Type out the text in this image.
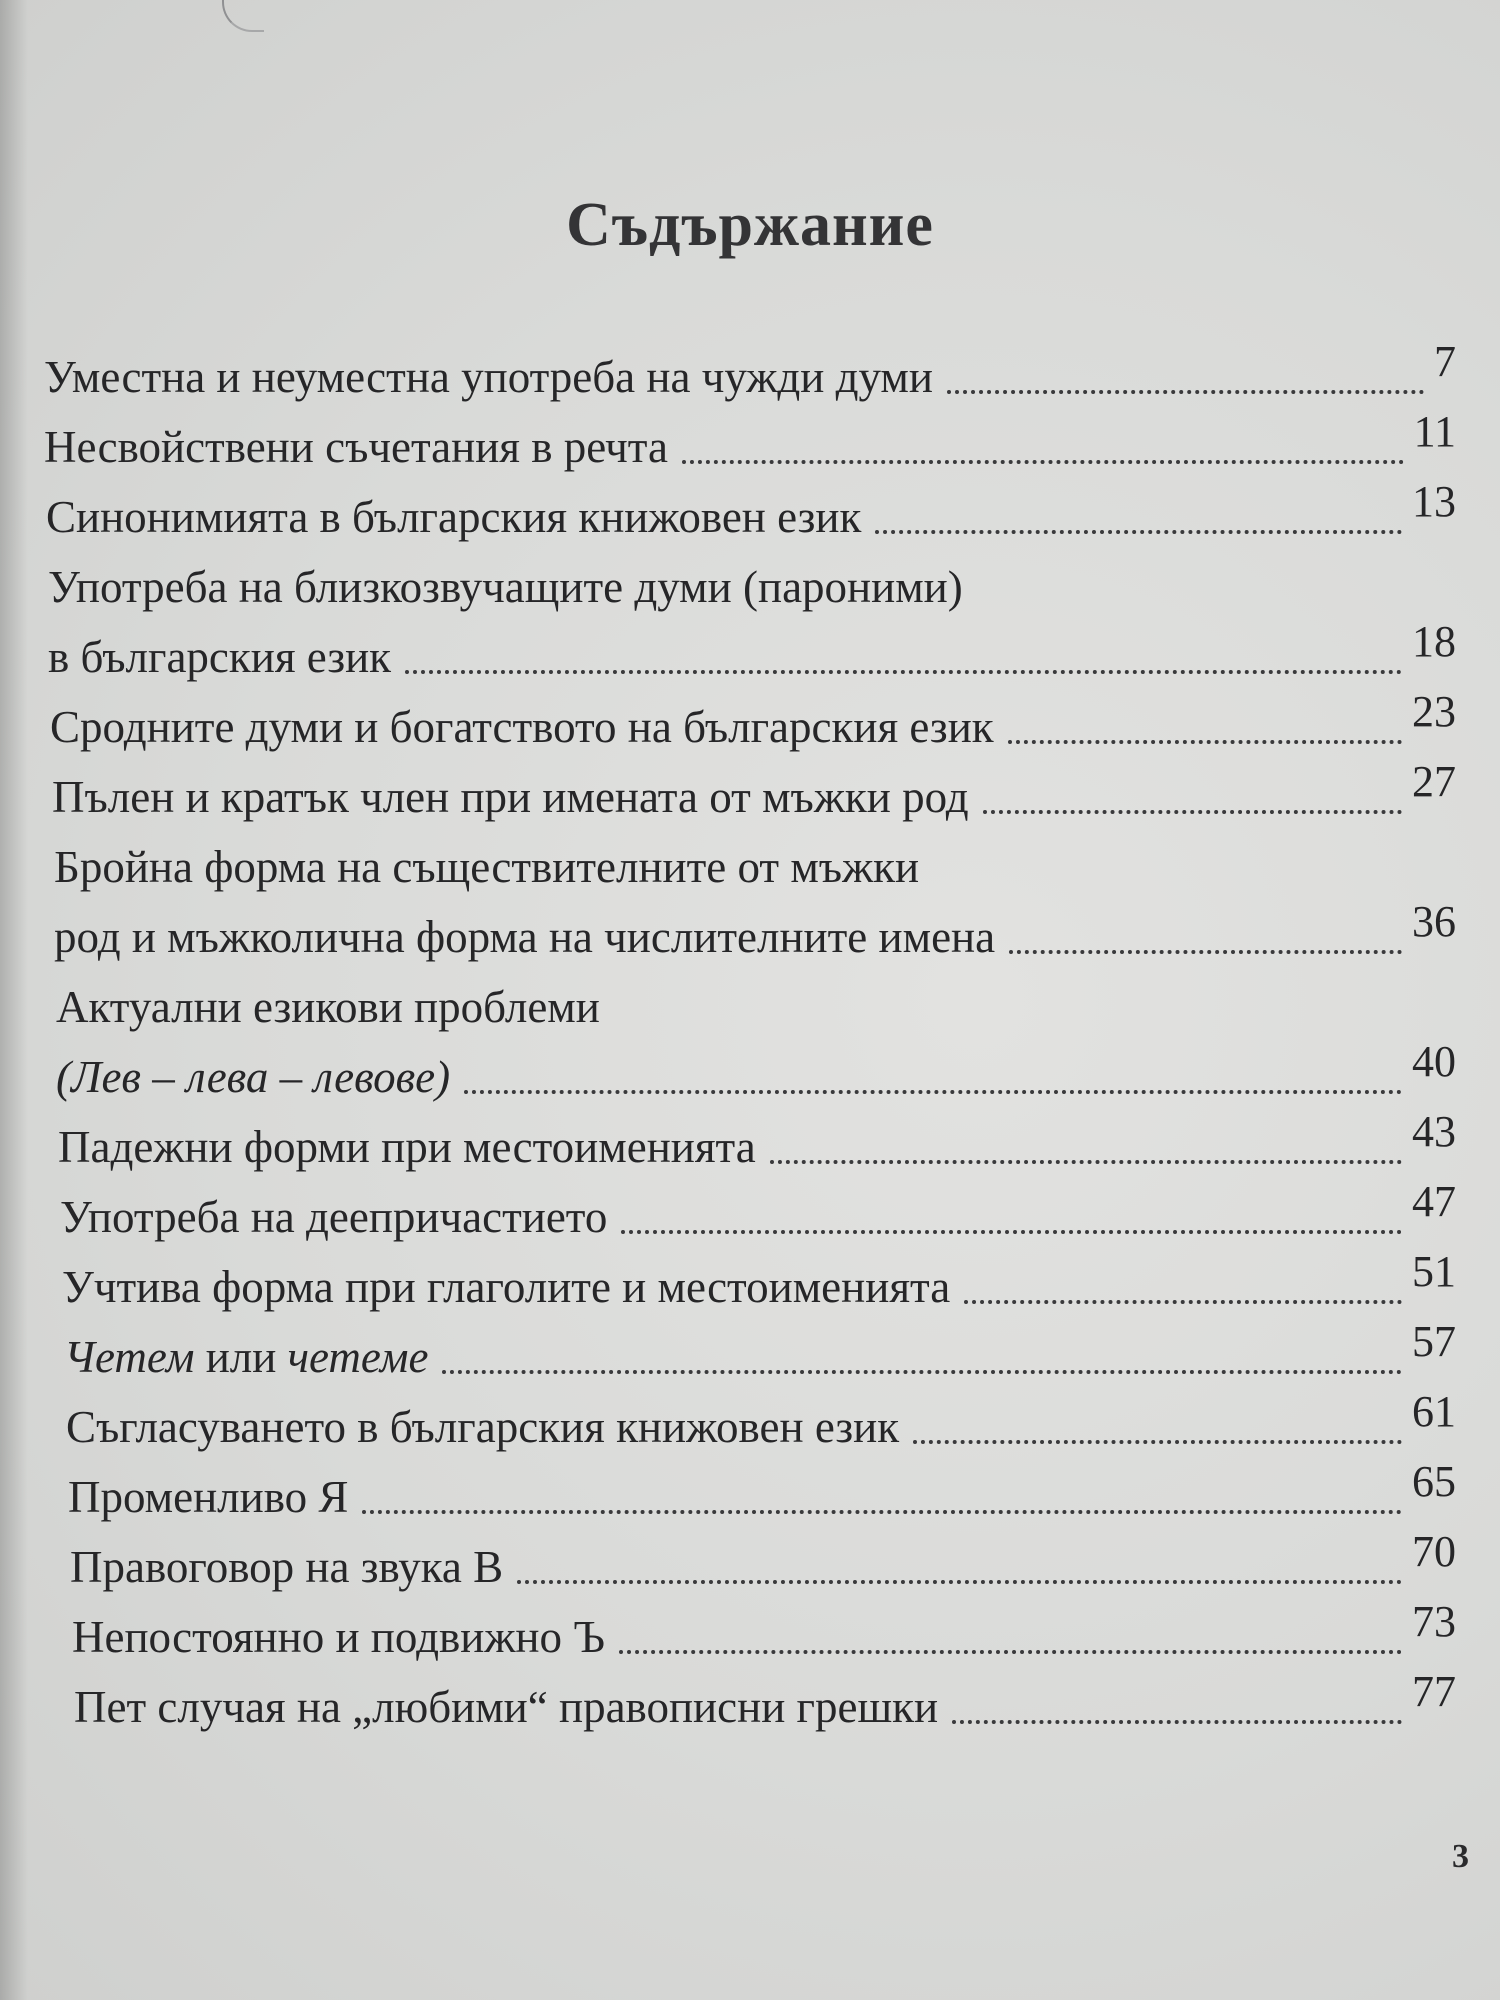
Съдържание
Уместна и неуместна употреба на чужди думи	7
Несвойствени съчетания в речта	11
Синонимията в българския книжовен език	13
Употреба на близкозвучащите думи (пароними)
в българския език	18
Сродните думи и богатството на българския език	23
Пълен и кратък член при имената от мъжки род	27
Бройна форма на съществителните от мъжки
род и мъжколична форма на числителните имена	36
Актуални езикови проблеми
(Лев – лева – левове)	40
Падежни форми при местоименията	43
Употреба на деепричастието	47
Учтива форма при глаголите и местоименията	51
Четем или четеме	57
Съгласуването в българския книжовен език	61
Променливо Я	65
Правоговор на звука В	70
Непостоянно и подвижно Ъ	73
Пет случая на „любими“ правописни грешки	77
3
